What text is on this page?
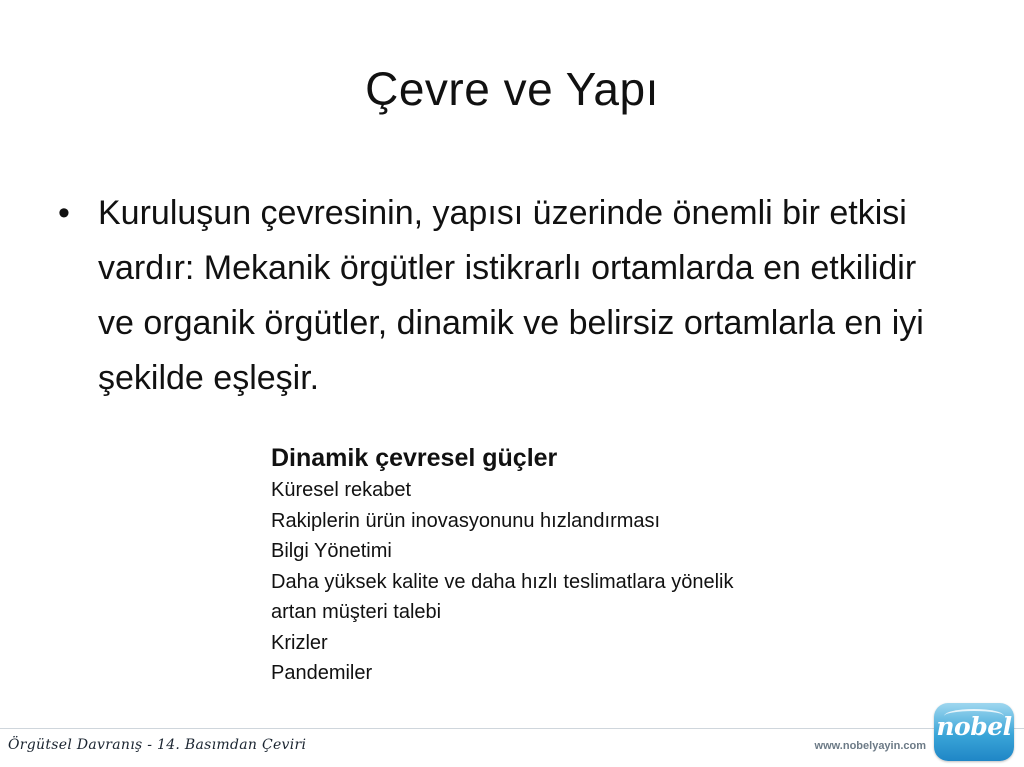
Çevre ve Yapı
• Kuruluşun çevresinin, yapısı üzerinde önemli bir etkisi vardır: Mekanik örgütler istikrarlı ortamlarda en etkilidir ve organik örgütler, dinamik ve belirsiz ortamlarla en iyi şekilde eşleşir.

Dinamik çevresel güçler

Küresel rekabet
Rakiplerin ürün inovasyonunu hızlandırması
Bilgi Yönetimi
Daha yüksek kalite ve daha hızlı teslimatlara yönelik
artan müşteri talebi
Krizler
Pandemiler
Örgütsel Davranış - 14. Basımdan Çeviri	www.nobelyayin.com
nobel
